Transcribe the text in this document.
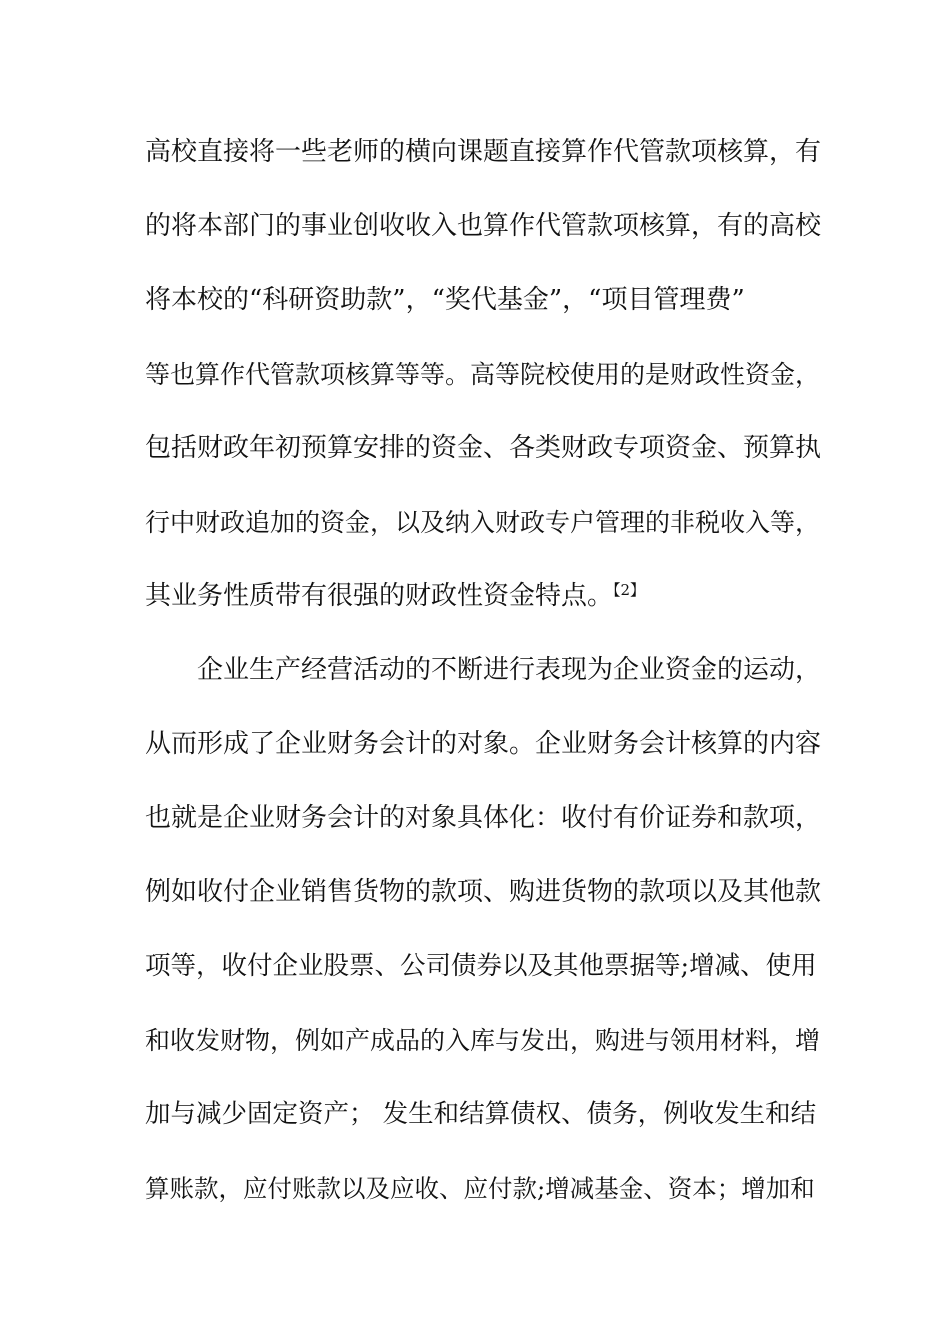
高校直接将一些老师的横向课题直接算作代管款项核算，有
的将本部门的事业创收收入也算作代管款项核算，有的高校
将本校的“科研资助款”，“奖代基金”，“项目管理费”
等也算作代管款项核算等等。高等院校使用的是财政性资金，
包括财政年初预算安排的资金、各类财政专项资金、预算执
行中财政追加的资金，以及纳入财政专户管理的非税收入等，
其业务性质带有很强的财政性资金特点。$^{【2】}$
企业生产经营活动的不断进行表现为企业资金的运动，
从而形成了企业财务会计的对象。企业财务会计核算的内容
也就是企业财务会计的对象具体化：收付有价证券和款项，
例如收付企业销售货物的款项、购进货物的款项以及其他款
项等，收付企业股票、公司债券以及其他票据等;增减、使用
和收发财物，例如产成品的入库与发出，购进与领用材料，增
加与减少固定资产； 发生和结算债权、债务，例收发生和结
算账款，应付账款以及应收、应付款;增减基金、资本；增加和
